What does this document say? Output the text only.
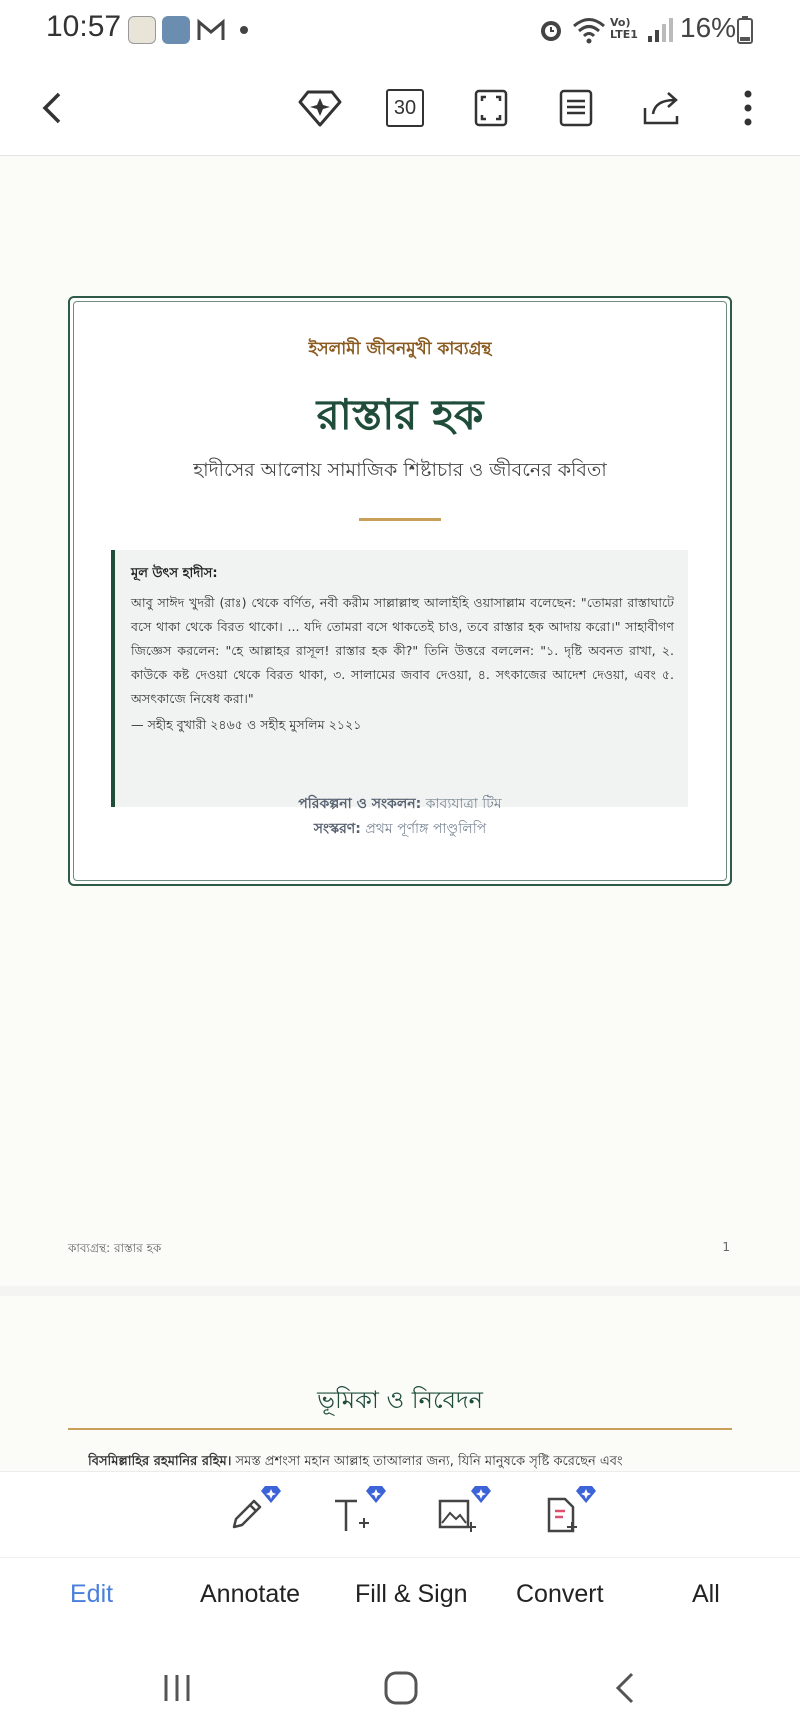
10:57	Vo) LTE1 16%
30
ইসলামী জীবনমুখী কাব্যগ্রন্থ
রাস্তার হক
হাদীসের আলোয় সামাজিক শিষ্টাচার ও জীবনের কবিতা
মূল উৎস হাদীস:
আবু সাঈদ খুদরী (রাঃ) থেকে বর্ণিত, নবী করীম সাল্লাল্লাহু আলাইহি ওয়াসাল্লাম বলেছেন: "তোমরা রাস্তাঘাটে বসে থাকা থেকে বিরত থাকো। ... যদি তোমরা বসে থাকতেই চাও, তবে রাস্তার হক আদায় করো।" সাহাবীগণ জিজ্ঞেস করলেন: "হে আল্লাহর রাসূল! রাস্তার হক কী?" তিনি উত্তরে বললেন: "১. দৃষ্টি অবনত রাখা, ২. কাউকে কষ্ট দেওয়া থেকে বিরত থাকা, ৩. সালামের জবাব দেওয়া, ৪. সৎকাজের আদেশ দেওয়া, এবং ৫. অসৎকাজে নিষেধ করা।"
— সহীহ বুখারী ২৪৬৫ ও সহীহ মুসলিম ২১২১
পরিকল্পনা ও সংকলন: কাব্যযাত্রা টিম
সংস্করণ: প্রথম পূর্ণাঙ্গ পাণ্ডুলিপি
কাব্যগ্রন্থ: রাস্তার হক	1
ভূমিকা ও নিবেদন
বিসমিল্লাহির রহমানির রহিম। সমস্ত প্রশংসা মহান আল্লাহ তাআলার জন্য, যিনি মানুষকে সৃষ্টি করেছেন এবং
Edit	Annotate Fill & Sign Convert	All
